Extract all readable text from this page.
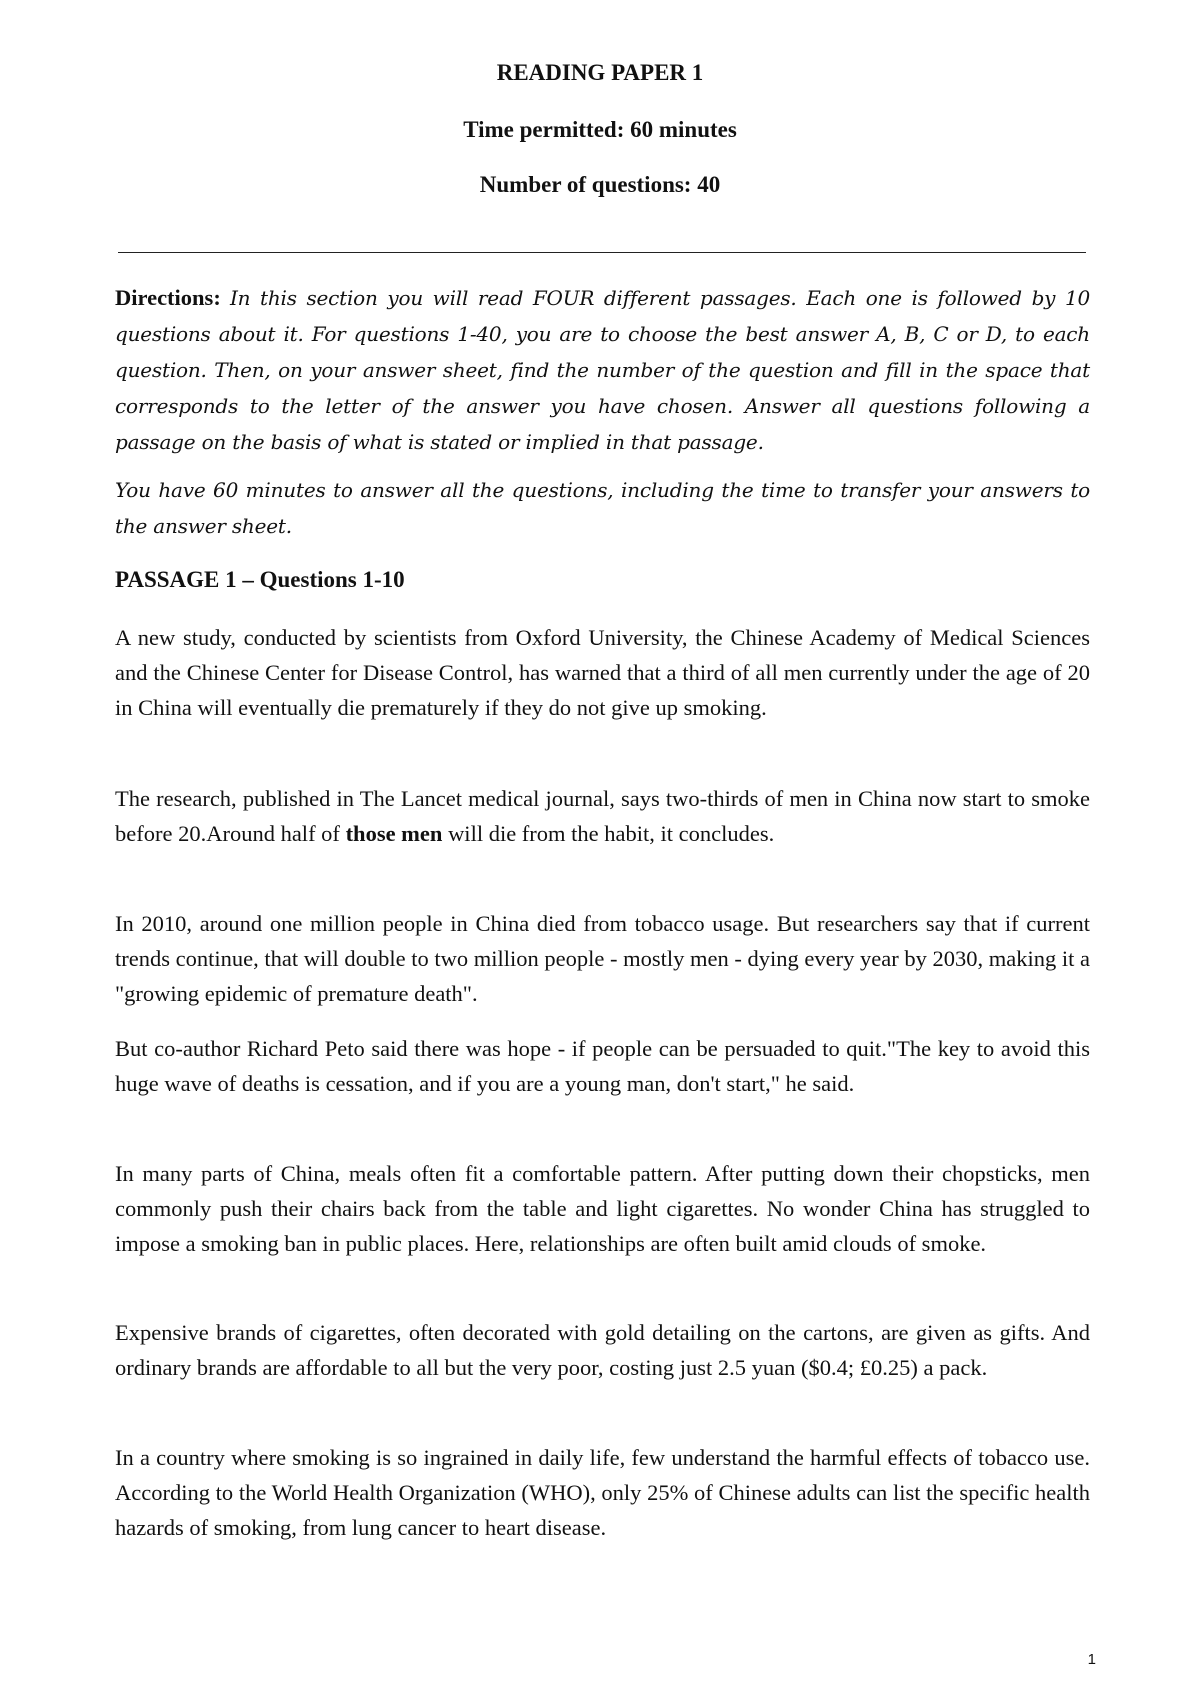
READING PAPER 1
Time permitted: 60 minutes
Number of questions: 40

Directions: In this section you will read FOUR different passages. Each one is followed by 10 questions about it. For questions 1-40, you are to choose the best answer A, B, C or D, to each question. Then, on your answer sheet, find the number of the question and fill in the space that corresponds to the letter of the answer you have chosen. Answer all questions following a passage on the basis of what is stated or implied in that passage.

You have 60 minutes to answer all the questions, including the time to transfer your answers to the answer sheet.

PASSAGE 1 – Questions 1-10

A new study, conducted by scientists from Oxford University, the Chinese Academy of Medical Sciences and the Chinese Center for Disease Control, has warned that a third of all men currently under the age of 20 in China will eventually die prematurely if they do not give up smoking.

The research, published in The Lancet medical journal, says two-thirds of men in China now start to smoke before 20.Around half of those men will die from the habit, it concludes.

In 2010, around one million people in China died from tobacco usage. But researchers say that if current trends continue, that will double to two million people - mostly men - dying every year by 2030, making it a "growing epidemic of premature death".

But co-author Richard Peto said there was hope - if people can be persuaded to quit."The key to avoid this huge wave of deaths is cessation, and if you are a young man, don't start," he said.

In many parts of China, meals often fit a comfortable pattern. After putting down their chopsticks, men commonly push their chairs back from the table and light cigarettes. No wonder China has struggled to impose a smoking ban in public places. Here, relationships are often built amid clouds of smoke.

Expensive brands of cigarettes, often decorated with gold detailing on the cartons, are given as gifts. And ordinary brands are affordable to all but the very poor, costing just 2.5 yuan ($0.4; £0.25) a pack.

In a country where smoking is so ingrained in daily life, few understand the harmful effects of tobacco use. According to the World Health Organization (WHO), only 25% of Chinese adults can list the specific health hazards of smoking, from lung cancer to heart disease.

1
